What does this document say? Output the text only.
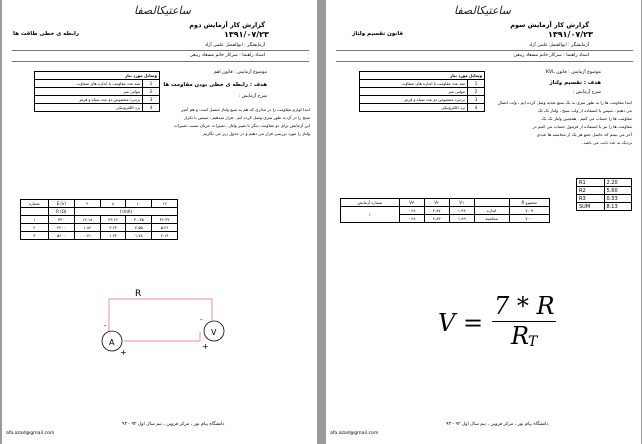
ساعتیکالصفا
گزارش کار آزمایش دوم
رابطه ی خطی طاقت ها	۱۳۹۱/۰۷/۲۳
آزمایشگر : ابوالفضل علمی آزاد
استاد راهنما : سرکار خانم مسعاد ربیعی
وسایل مورد نیاز	
سه عدد مقاومت با اندازه های متفاوت	1
مولتی متر	2
بردبرد مخصوص دو عدد سیاه و قرمز	3
برد الکترونیکی	4
موضوع آزمایش : قانون اهم
هدف : رابطه ی خطی بودن مقاومت ها
شرح آزمایش :
ابتدا لوازم مقاومت را در مداری که هم به منبع ولتاژ متصل است و هم آمپر
سنج را در آن به طور سری وصل کرده ایم ، قرار میدهیم ، سپس با تکرار
این آزمایش برای دو مقاومت دیگر با تغییر ولتاژ ، تغییرات جریان نسبت تغییرات
ولتاژ را مورد بررسی قرار می دهیم و در جدول زیر می نگاریم .
شماره	E (v)	۴	۸	۱۰	۱۲
	R (Ω)	I (mA)			
۱	۳۳۰	۱۲.۱۸	۲۳.۶۶	۳۰.۳۵	۳۶.۳۲
۲	۲۲۰۰	۱.۸۲	۳.۶۴	۴.۵۵	۵.۴۶
۳	۵۶۰۰	۰.۷۱	۱.۴۳	۱.۷۸	۲.۱۴
R
A
V
-
+
-
+
afa.azad@gmail.com
دانشگاه پیام نور ، مرکز قزوین ، نیم سال اول ۹۲ - ۹۳
ساعتیکالصفا
گزارش کار آزمایش سوم
قانون تقسیم ولتاژ	۱۳۹۱/۰۷/۲۳
آزمایشگر : ابوالفضل علمی آزاد
استاد راهنما : سرکار خانم مسعاد ربیعی
وسایل مورد نیاز	
سه عدد مقاومت با اندازه های متفاوت	1
مولتی متر	2
بردبرد مخصوص دو عدد سیاه و قرمز	3
برد الکترونیکی	4
موضوع آزمایش : قانون KVL
هدف : تقسیم ولتاژ
شرح آزمایش :
ابتدا مقاومت ها را به طور سری به یک منبع تغذیه وصل کرده ایم ، ولت اتصال
می دهیم ، سپس با استفاده از ولت سنج ، ولتاژ تک تک
مقاومت ها را حساب می کنیم . همچنین ولتاژ تک تک
مقاومت ها را نیز با استفاده از فرمول حساب می کنیم در
آخر می بینیم که حاصل جمع هر یک از محاسبه ها عددی
نزدیک به عدد ثابت می باشد .
شماره آزمایش	V۳	V۲	V۱		مجموع R
۱	۰.۲۸	۴.۸۷	۱.۹۴	اندازه	۷.۰۹
	۰.۲۸	۴.۸۳	۱.۸۹	محاسبه	۷.۰۰
R1	2.20
R2	5.60
R3	0.33
SUM	8.13
V =
7 * R
R
T
afa.azad@gmail.com
دانشگاه پیام نور ، مرکز قزوین ، نیم سال اول ۹۲ - ۹۳
